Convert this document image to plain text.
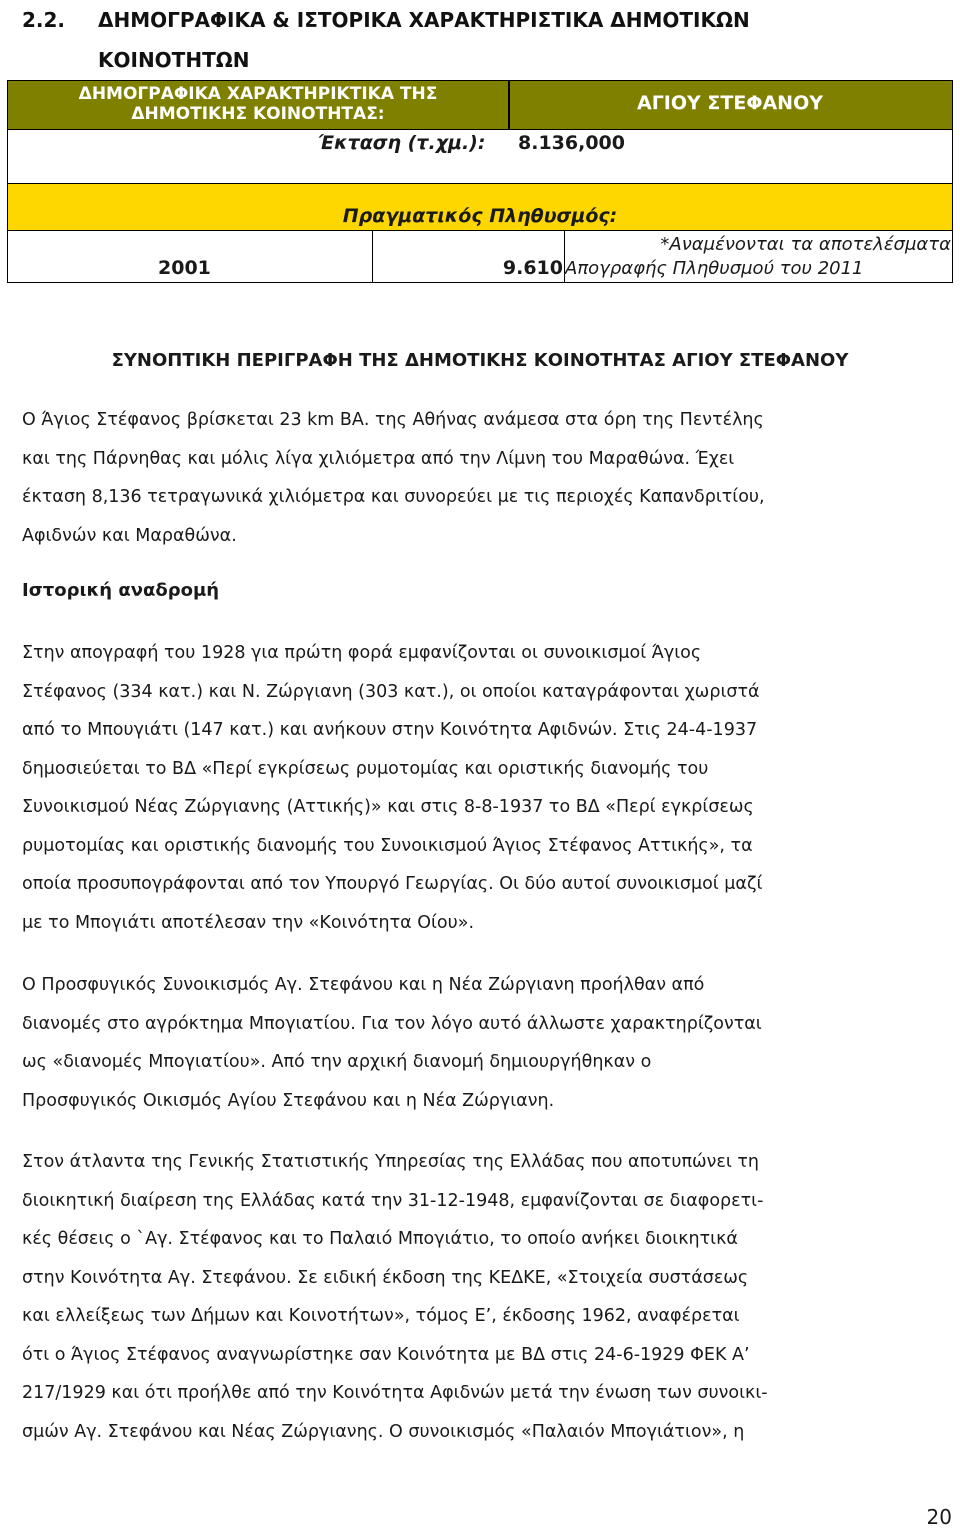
2.2. ΔΗΜΟΓΡΑΦΙΚΑ & ΙΣΤΟΡΙΚΑ ΧΑΡΑΚΤΗΡΙΣΤΙΚΑ ΔΗΜΟΤΙΚΩΝ
ΚΟΙΝΟΤΗΤΩΝ
ΔΗΜΟΓΡΑΦΙΚΑ ΧΑΡΑΚΤΗΡΙΚΤΙΚΑ ΤΗΣ
ΔΗΜΟΤΙΚΗΣ ΚΟΙΝΟΤΗΤΑΣ:	ΑΓΙΟΥ ΣΤΕΦΑΝΟΥ
Έκταση (τ.χμ.): 8.136,000
Πραγματικός Πληθυσμός:
2001	9.610
*Αναμένονται τα αποτελέσματα
Απογραφής Πληθυσμού του 2011
ΣΥΝΟΠΤΙΚΗ ΠΕΡΙΓΡΑΦΗ ΤΗΣ ΔΗΜΟΤΙΚΗΣ ΚΟΙΝΟΤΗΤΑΣ ΑΓΙΟΥ ΣΤΕΦΑΝΟΥ
Ο Άγιος Στέφανος βρίσκεται 23 km ΒΑ. της Αθήνας ανάμεσα στα όρη της Πεντέλης
και της Πάρνηθας και μόλις λίγα χιλιόμετρα από την Λίμνη του Μαραθώνα. Έχει
έκταση 8,136 τετραγωνικά χιλιόμετρα και συνορεύει με τις περιοχές Καπανδριτίου,
Αφιδνών και Μαραθώνα.
Ιστορική αναδρομή
Στην απογραφή του 1928 για πρώτη φορά εμφανίζονται οι συνοικισμοί Άγιος
Στέφανος (334 κατ.) και Ν. Ζώργιανη (303 κατ.), οι οποίοι καταγράφονται χωριστά
από το Μπουγιάτι (147 κατ.) και ανήκουν στην Κοινότητα Αφιδνών. Στις 24-4-1937
δημοσιεύεται το ΒΔ «Περί εγκρίσεως ρυμοτομίας και οριστικής διανομής του
Συνοικισμού Νέας Ζώργιανης (Αττικής)» και στις 8-8-1937 το ΒΔ «Περί εγκρίσεως
ρυμοτομίας και οριστικής διανομής του Συνοικισμού Άγιος Στέφανος Αττικής», τα
οποία προσυπογράφονται από τον Υπουργό Γεωργίας. Οι δύο αυτοί συνοικισμοί μαζί
με το Μπογιάτι αποτέλεσαν την «Κοινότητα Οίου».
Ο Προσφυγικός Συνοικισμός Αγ. Στεφάνου και η Νέα Ζώργιανη προήλθαν από
διανομές στο αγρόκτημα Μπογιατίου. Για τον λόγο αυτό άλλωστε χαρακτηρίζονται
ως «διανομές Μπογιατίου». Από την αρχική διανομή δημιουργήθηκαν ο
Προσφυγικός Οικισμός Αγίου Στεφάνου και η Νέα Ζώργιανη.
Στον άτλαντα της Γενικής Στατιστικής Υπηρεσίας της Ελλάδας που αποτυπώνει τη
διοικητική διαίρεση της Ελλάδας κατά την 31-12-1948, εμφανίζονται σε διαφορετι-
κές θέσεις ο `Αγ. Στέφανος και το Παλαιό Μπογιάτιο, το οποίο ανήκει διοικητικά
στην Κοινότητα Αγ. Στεφάνου. Σε ειδική έκδοση της ΚΕΔΚΕ, «Στοιχεία συστάσεως
και ελλείξεως των Δήμων και Κοινοτήτων», τόμος Ε’, έκδοσης 1962, αναφέρεται
ότι ο Άγιος Στέφανος αναγνωρίστηκε σαν Κοινότητα με ΒΔ στις 24-6-1929 ΦΕΚ Α’
217/1929 και ότι προήλθε από την Κοινότητα Αφιδνών μετά την ένωση των συνοικι-
σμών Αγ. Στεφάνου και Νέας Ζώργιανης. Ο συνοικισμός «Παλαιόν Μπογιάτιον», η
20
